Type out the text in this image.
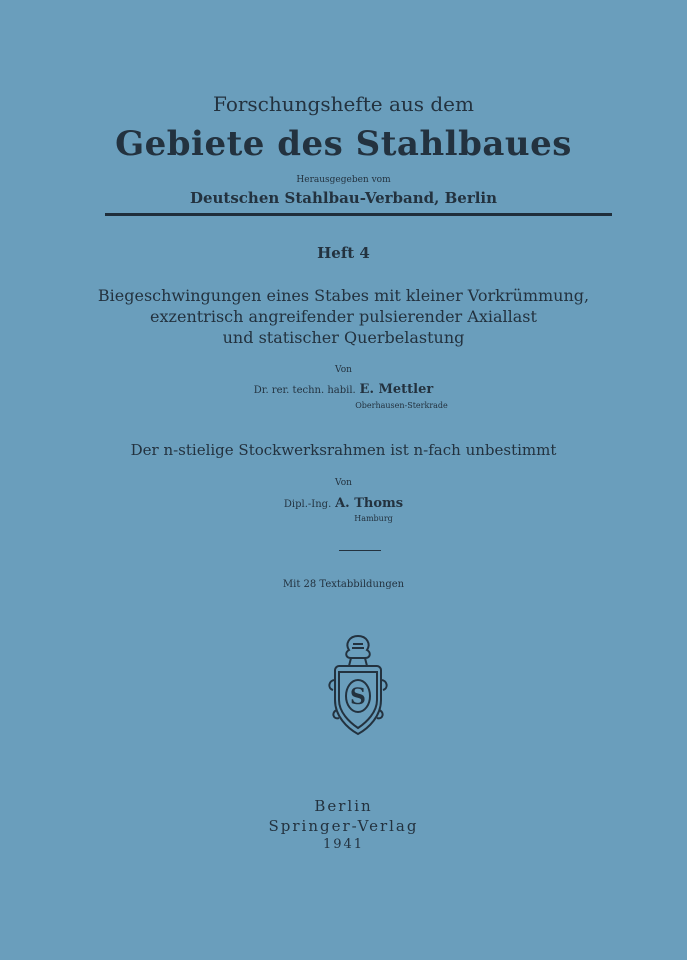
Forschungshefte aus dem
Gebiete des Stahlbaues
Herausgegeben vom
Deutschen Stahlbau-Verband, Berlin
Heft 4
Biegeschwingungen eines Stabes mit kleiner Vorkrümmung,
exzentrisch angreifender pulsierender Axiallast
und statischer Querbelastung
Von
Dr. rer. techn. habil. E. Mettler
Oberhausen-Sterkrade
Der n-stielige Stockwerksrahmen ist n-fach unbestimmt
Von
Dipl.-Ing. A. Thoms
Hamburg
Mit 28 Textabbildungen
S
Berlin
Springer-Verlag
1941
